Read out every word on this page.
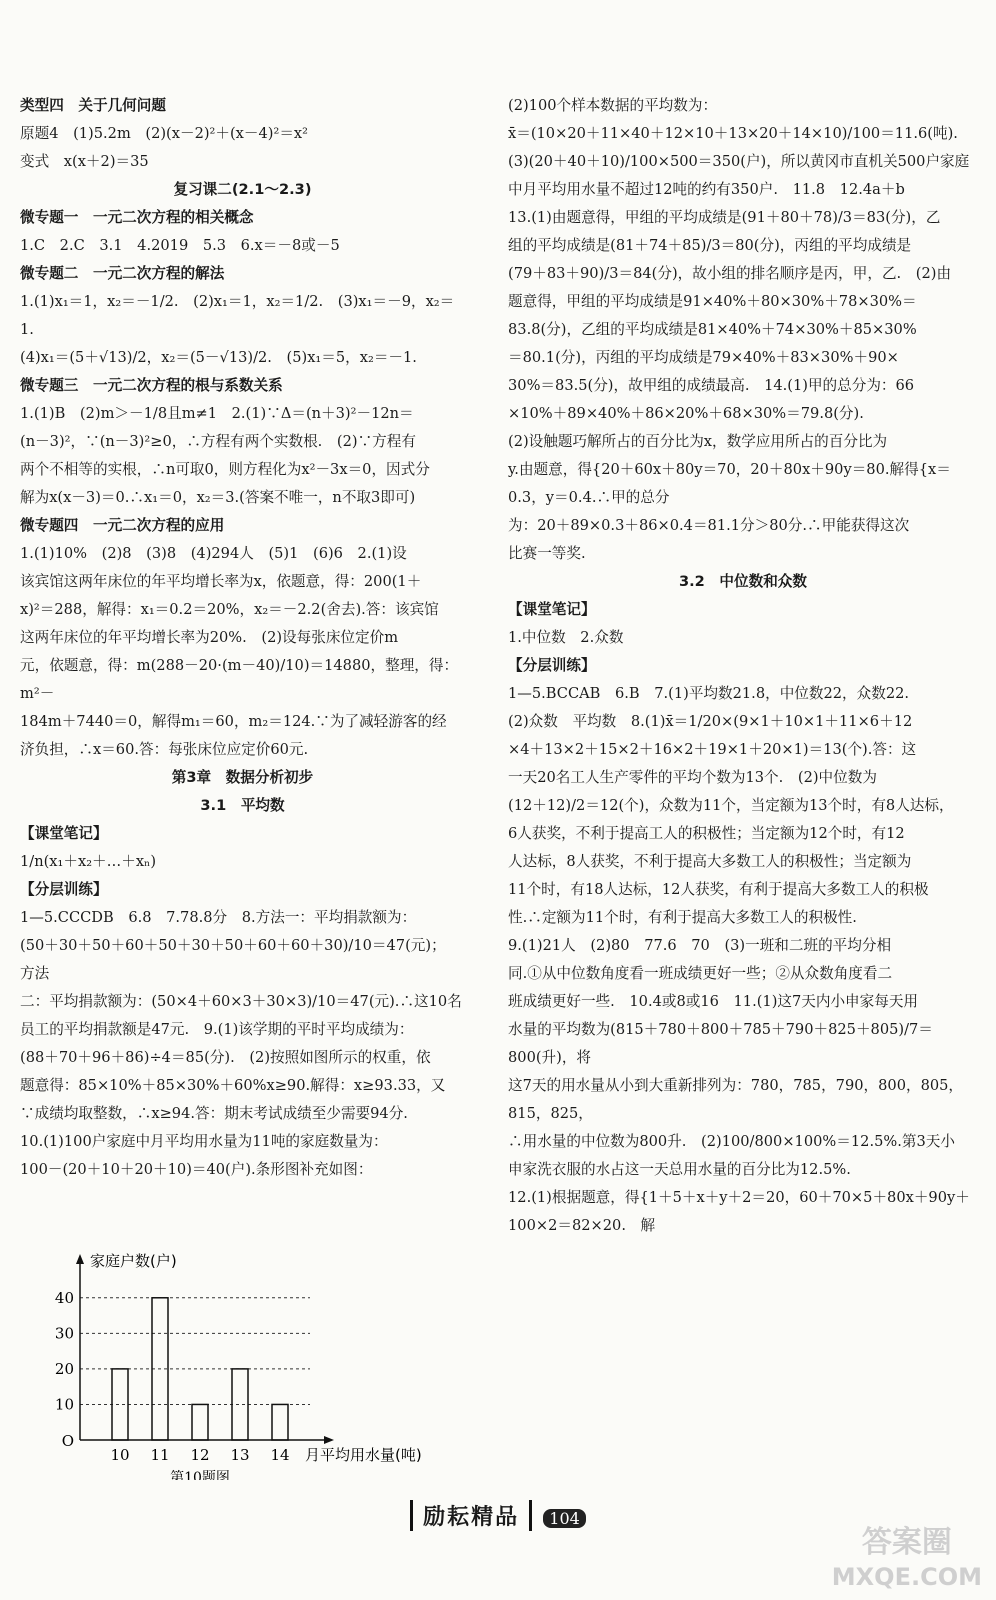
类型四　关于几何问题

原题4　(1)5.2m　(2)(x－2)²＋(x－4)²＝x²

变式　x(x＋2)＝35

复习课二(2.1～2.3)

微专题一　一元二次方程的相关概念

1.C　2.C　3.1　4.2019　5.3　6.x＝－8或－5

微专题二　一元二次方程的解法

1.(1)x₁＝1，x₂＝－1/2.　(2)x₁＝1，x₂＝1/2.　(3)x₁＝－9，x₂＝1.

(4)x₁＝(5＋√13)/2，x₂＝(5－√13)/2.　(5)x₁＝5，x₂＝－1.

微专题三　一元二次方程的根与系数关系

1.(1)B　(2)m＞－1/8且m≠1　2.(1)∵Δ＝(n＋3)²－12n＝

(n－3)²，∵(n－3)²≥0，∴方程有两个实数根.　(2)∵方程有

两个不相等的实根，∴n可取0，则方程化为x²－3x＝0，因式分

解为x(x－3)＝0.∴x₁＝0，x₂＝3.(答案不唯一，n不取3即可)

微专题四　一元二次方程的应用

1.(1)10%　(2)8　(3)8　(4)294人　(5)1　(6)6　2.(1)设

该宾馆这两年床位的年平均增长率为x，依题意，得：200(1＋

x)²＝288，解得：x₁＝0.2＝20%，x₂＝－2.2(舍去).答：该宾馆

这两年床位的年平均增长率为20%.　(2)设每张床位定价m

元，依题意，得：m(288－20·(m－40)/10)＝14880，整理，得：m²－

184m＋7440＝0，解得m₁＝60，m₂＝124.∵为了减轻游客的经

济负担，∴x＝60.答：每张床位应定价60元.

第3章　数据分析初步

3.1　平均数

【课堂笔记】

1/n(x₁＋x₂＋…＋xₙ)

【分层训练】

1—5.CCCDB　6.8　7.78.8分　8.方法一：平均捐款额为：

(50＋30＋50＋60＋50＋30＋50＋60＋60＋30)/10＝47(元)；　方法

二：平均捐款额为：(50×4＋60×3＋30×3)/10＝47(元).∴这10名

员工的平均捐款额是47元.　9.(1)该学期的平时平均成绩为：

(88＋70＋96＋86)÷4＝85(分).　(2)按照如图所示的权重，依

题意得：85×10%＋85×30%＋60%x≥90.解得：x≥93.33，又

∵成绩均取整数，∴x≥94.答：期末考试成绩至少需要94分.

10.(1)100户家庭中月平均用水量为11吨的家庭数量为：

100－(20＋10＋20＋10)＝40(户).条形图补充如图：

(2)100个样本数据的平均数为：

x̄＝(10×20＋11×40＋12×10＋13×20＋14×10)/100＝11.6(吨).

(3)(20＋40＋10)/100×500＝350(户)，所以黄冈市直机关500户家庭

中月平均用水量不超过12吨的约有350户.　11.8　12.4a＋b

13.(1)由题意得，甲组的平均成绩是(91＋80＋78)/3＝83(分)，乙

组的平均成绩是(81＋74＋85)/3＝80(分)，丙组的平均成绩是

(79＋83＋90)/3＝84(分)，故小组的排名顺序是丙，甲，乙.　(2)由

题意得，甲组的平均成绩是91×40%＋80×30%＋78×30%＝

83.8(分)，乙组的平均成绩是81×40%＋74×30%＋85×30%

＝80.1(分)，丙组的平均成绩是79×40%＋83×30%＋90×

30%＝83.5(分)，故甲组的成绩最高.　14.(1)甲的总分为：66

×10%＋89×40%＋86×20%＋68×30%＝79.8(分).

(2)设触题巧解所占的百分比为x，数学应用所占的百分比为

y.由题意，得{20＋60x＋80y＝70，20＋80x＋90y＝80.解得{x＝0.3，y＝0.4.∴甲的总分

为：20＋89×0.3＋86×0.4＝81.1分＞80分.∴甲能获得这次

比赛一等奖.

3.2　中位数和众数

【课堂笔记】

1.中位数　2.众数

【分层训练】

1—5.BCCAB　6.B　7.(1)平均数21.8，中位数22，众数22.

(2)众数　平均数　8.(1)x̄＝1/20×(9×1＋10×1＋11×6＋12

×4＋13×2＋15×2＋16×2＋19×1＋20×1)＝13(个).答：这

一天20名工人生产零件的平均个数为13个.　(2)中位数为

(12＋12)/2＝12(个)，众数为11个，当定额为13个时，有8人达标，

6人获奖，不利于提高工人的积极性；当定额为12个时，有12

人达标，8人获奖，不利于提高大多数工人的积极性；当定额为

11个时，有18人达标，12人获奖，有利于提高大多数工人的积极

性.∴定额为11个时，有利于提高大多数工人的积极性.

9.(1)21人　(2)80　77.6　70　(3)一班和二班的平均分相

同.①从中位数角度看一班成绩更好一些；②从众数角度看二

班成绩更好一些.　10.4或8或16　11.(1)这7天内小申家每天用

水量的平均数为(815＋780＋800＋785＋790＋825＋805)/7＝800(升)，将

这7天的用水量从小到大重新排列为：780，785，790，800，805，815，825，

∴用水量的中位数为800升.　(2)100/800×100%＝12.5%.第3天小

申家洗衣服的水占这一天总用水量的百分比为12.5%.

12.(1)根据题意，得{1＋5＋x＋y＋2＝20，60＋70×5＋80x＋90y＋100×2＝82×20.　解

10
20
30
40
O
10 11 12 13 14
家庭户数(户)
月平均用水量(吨)
第10题图
励耘精品 104
答案圈
MXQE.COM
